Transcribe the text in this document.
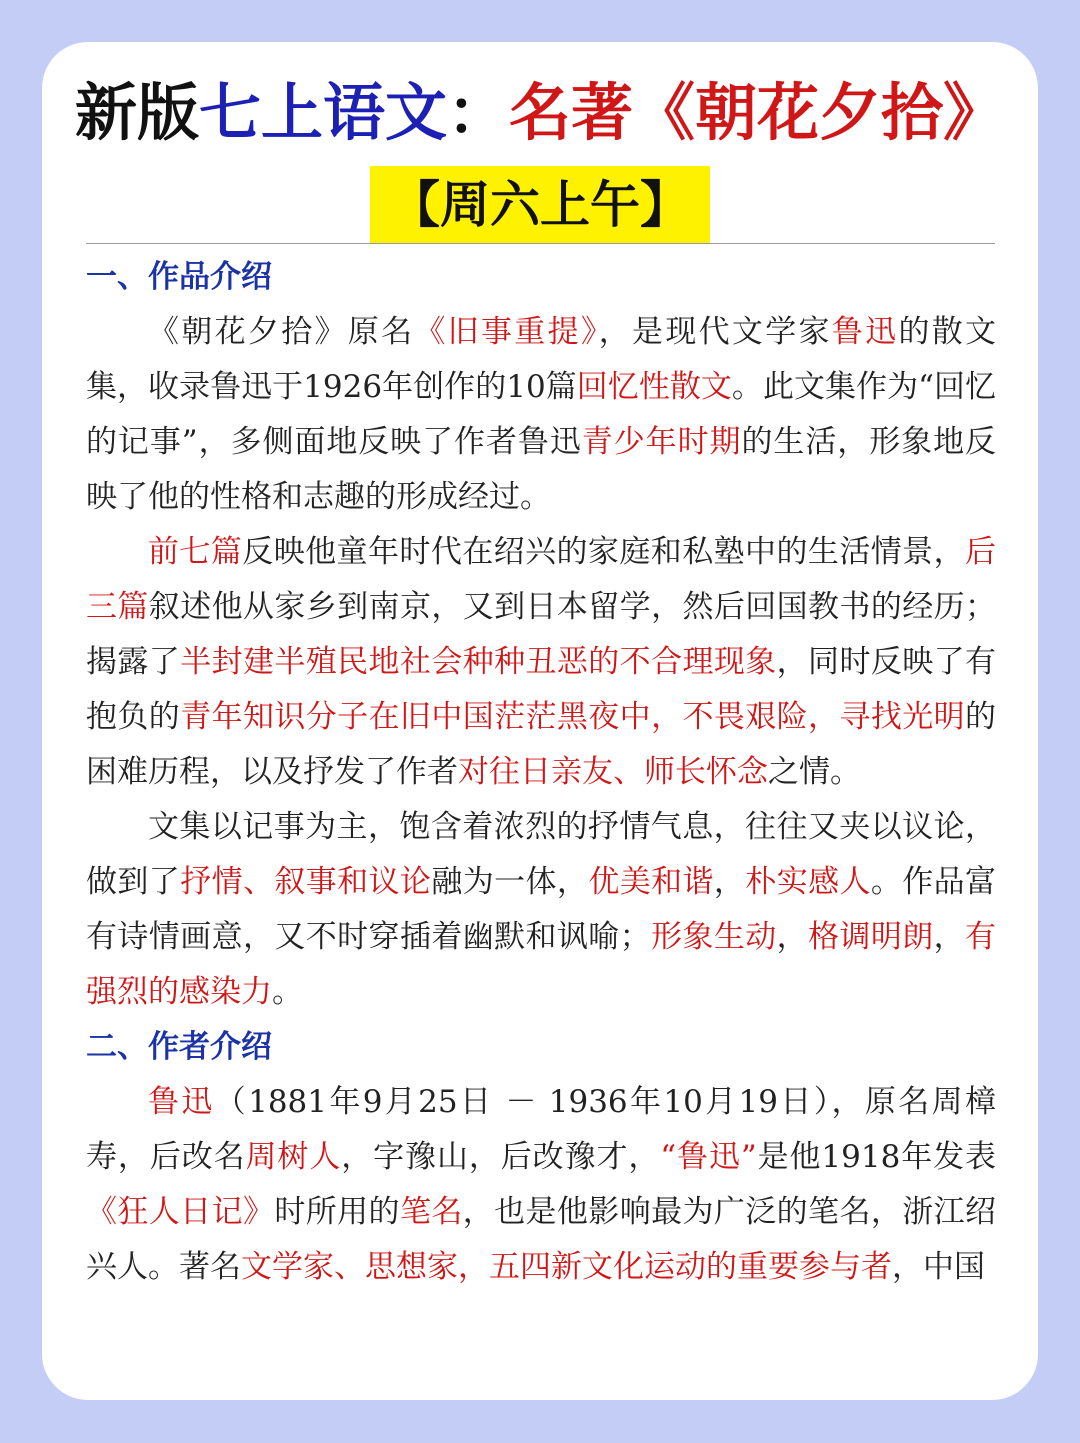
新版七上语文：名著《朝花夕拾》
【周六上午】

一、作品介绍

《朝花夕拾》原名《旧事重提》，是现代文学家鲁迅的散文集，收录鲁迅于1926年创作的10篇回忆性散文。此文集作为“回忆的记事”，多侧面地反映了作者鲁迅青少年时期的生活，形象地反映了他的性格和志趣的形成经过。

前七篇反映他童年时代在绍兴的家庭和私塾中的生活情景，后三篇叙述他从家乡到南京，又到日本留学，然后回国教书的经历；揭露了半封建半殖民地社会种种丑恶的不合理现象，同时反映了有抱负的青年知识分子在旧中国茫茫黑夜中，不畏艰险，寻找光明的困难历程，以及抒发了作者对往日亲友、师长怀念之情。

文集以记事为主，饱含着浓烈的抒情气息，往往又夹以议论，做到了抒情、叙事和议论融为一体，优美和谐，朴实感人。作品富有诗情画意，又不时穿插着幽默和讽喻；形象生动，格调明朗，有强烈的感染力。

二、作者介绍

鲁迅（1881年9月25日 － 1936年10月19日），原名周樟寿，后改名周树人，字豫山，后改豫才，“鲁迅”是他1918年发表《狂人日记》时所用的笔名，也是他影响最为广泛的笔名，浙江绍兴人。著名文学家、思想家，五四新文化运动的重要参与者，中国
